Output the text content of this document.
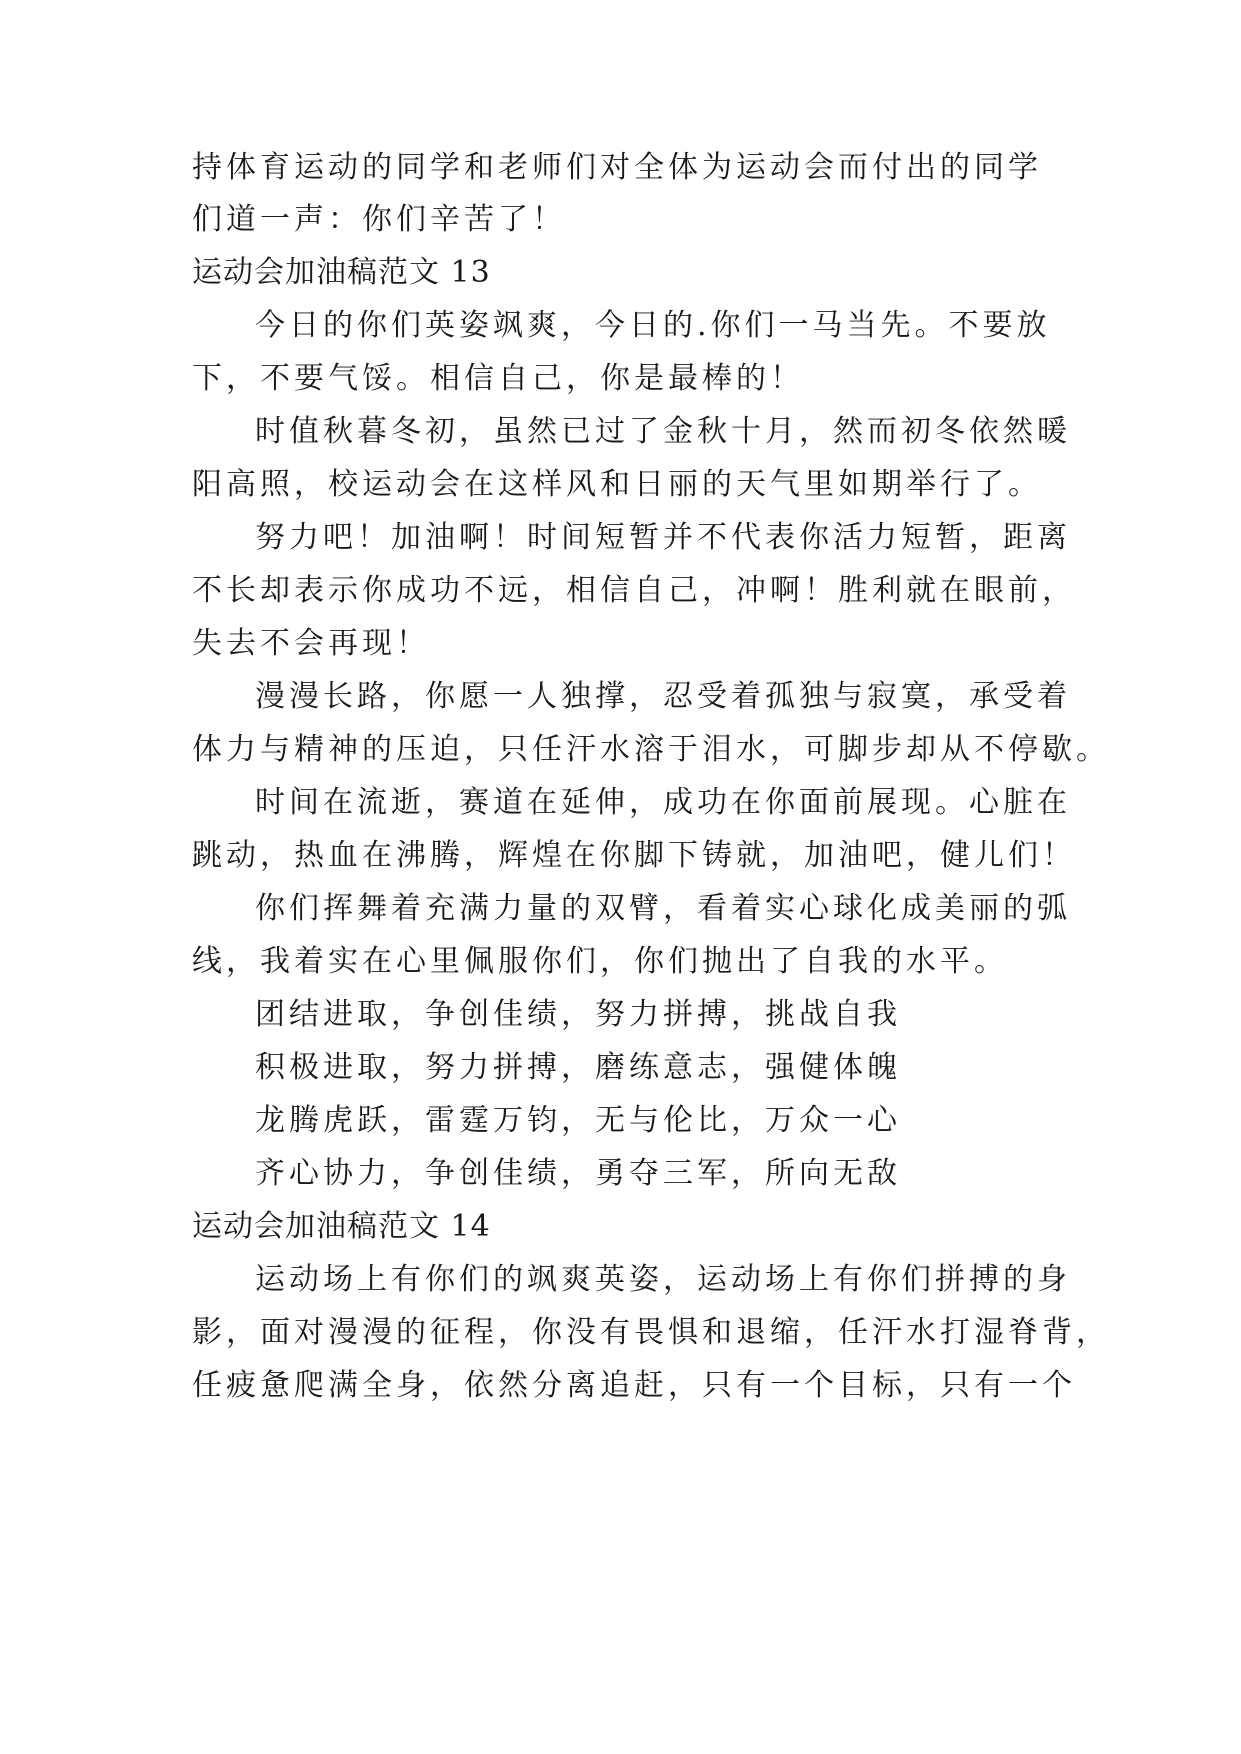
持体育运动的同学和老师们对全体为运动会而付出的同学
们道一声：你们辛苦了！
运动会加油稿范文 13
今日的你们英姿飒爽，今日的.你们一马当先。不要放
下，不要气馁。相信自己，你是最棒的！
时值秋暮冬初，虽然已过了金秋十月，然而初冬依然暖
阳高照，校运动会在这样风和日丽的天气里如期举行了。
努力吧！加油啊！时间短暂并不代表你活力短暂，距离
不长却表示你成功不远，相信自己，冲啊！胜利就在眼前，
失去不会再现！
漫漫长路，你愿一人独撑，忍受着孤独与寂寞，承受着
体力与精神的压迫，只任汗水溶于泪水，可脚步却从不停歇。
时间在流逝，赛道在延伸，成功在你面前展现。心脏在
跳动，热血在沸腾，辉煌在你脚下铸就，加油吧，健儿们！
你们挥舞着充满力量的双臂，看着实心球化成美丽的弧
线，我着实在心里佩服你们，你们抛出了自我的水平。
团结进取，争创佳绩，努力拼搏，挑战自我
积极进取，努力拼搏，磨练意志，强健体魄
龙腾虎跃，雷霆万钧，无与伦比，万众一心
齐心协力，争创佳绩，勇夺三军，所向无敌
运动会加油稿范文 14
运动场上有你们的飒爽英姿，运动场上有你们拼搏的身
影，面对漫漫的征程，你没有畏惧和退缩，任汗水打湿脊背，
任疲惫爬满全身，依然分离追赶，只有一个目标，只有一个
